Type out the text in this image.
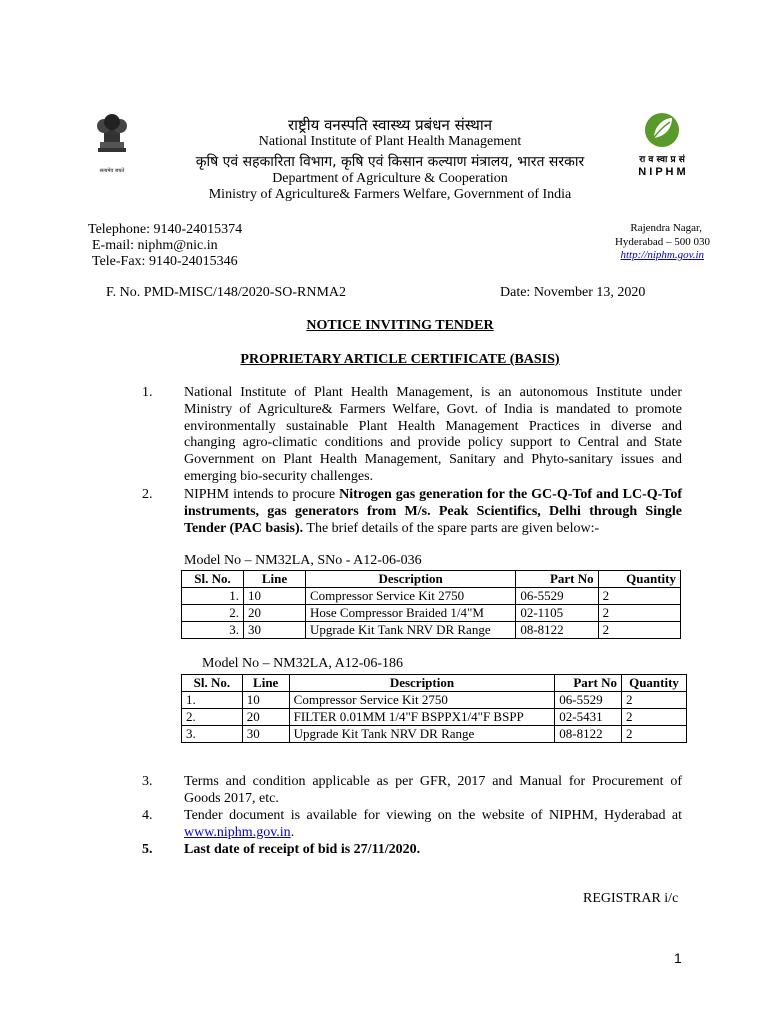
सत्यमेव जयते
राष्ट्रीय वनस्पति स्वास्थ्य प्रबंधन संस्थान
National Institute of Plant Health Management
कृषि एवं सहकारिता विभाग, कृषि एवं किसान कल्याण मंत्रालय, भारत सरकार
Department of Agriculture & Cooperation
Ministry of Agriculture& Farmers Welfare, Government of India
रा व स्वा प्र सं
N I P H M
Telephone: 9140-24015374
E-mail: niphm@nic.in
Tele-Fax: 9140-24015346
Rajendra Nagar,
Hyderabad – 500 030
http://niphm.gov.in
F. No. PMD-MISC/148/2020-SO-RNMA2	Date: November 13, 2020
NOTICE INVITING TENDER
PROPRIETARY ARTICLE CERTIFICATE (BASIS)
1. National Institute of Plant Health Management, is an autonomous Institute under Ministry of Agriculture& Farmers Welfare, Govt. of India is mandated to promote environmentally sustainable Plant Health Management Practices in diverse and changing agro-climatic conditions and provide policy support to Central and State Government on Plant Health Management, Sanitary and Phyto-sanitary issues and emerging bio-security challenges.
2. NIPHM intends to procure Nitrogen gas generation for the GC-Q-Tof and LC-Q-Tof instruments, gas generators from M/s. Peak Scientifics, Delhi through Single Tender (PAC basis). The brief details of the spare parts are given below:-
Model No – NM32LA, SNo - A12-06-036
Sl. No.	Line	Description	Part No	Quantity
1.	10	Compressor Service Kit 2750	06-5529	2
2.	20	Hose Compressor Braided 1/4"M	02-1105	2
3.	30	Upgrade Kit Tank NRV DR Range	08-8122	2
Model No – NM32LA, A12-06-186
Sl. No.	Line	Description	Part No	Quantity
1.	10	Compressor Service Kit 2750	06-5529	2
2.	20	FILTER 0.01MM 1/4"F BSPPX1/4"F BSPP	02-5431	2
3.	30	Upgrade Kit Tank NRV DR Range	08-8122	2
3. Terms and condition applicable as per GFR, 2017 and Manual for Procurement of Goods 2017, etc.
4. Tender document is available for viewing on the website of NIPHM, Hyderabad at www.niphm.gov.in.
5. Last date of receipt of bid is 27/11/2020.
REGISTRAR i/c
1
